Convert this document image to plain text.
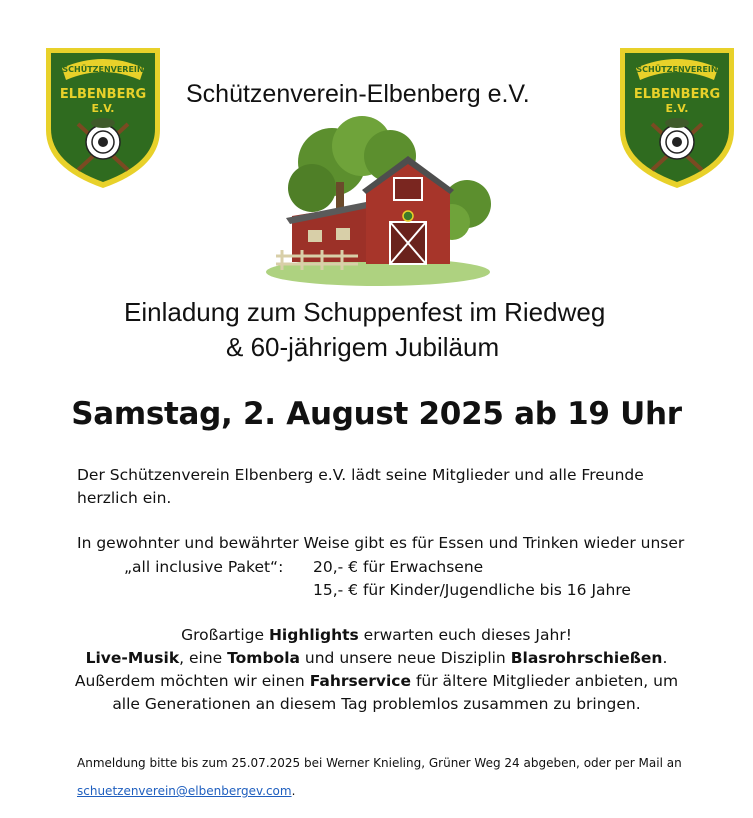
SCHÜTZENVEREIN
ELBENBERG
E.V.
SCHÜTZENVEREIN
ELBENBERG
E.V.
Schützenverein-Elbenberg e.V.
Einladung zum Schuppenfest im Riedweg
& 60-jährigem Jubiläum
Samstag, 2. August 2025 ab 19 Uhr
Der Schützenverein Elbenberg e.V. lädt seine Mitglieder und alle Freunde
herzlich ein.
In gewohnter und bewährter Weise gibt es für Essen und Trinken wieder unser
„all inclusive Paket“: 20,- € für Erwachsene
15,- € für Kinder/Jugendliche bis 16 Jahre
Großartige Highlights erwarten euch dieses Jahr!
Live-Musik, eine Tombola und unsere neue Disziplin Blasrohrschießen.
Außerdem möchten wir einen Fahrservice für ältere Mitglieder anbieten, um
alle Generationen an diesem Tag problemlos zusammen zu bringen.
Anmeldung bitte bis zum 25.07.2025 bei Werner Knieling, Grüner Weg 24 abgeben, oder per Mail an
schuetzenverein@elbenbergev.com.
